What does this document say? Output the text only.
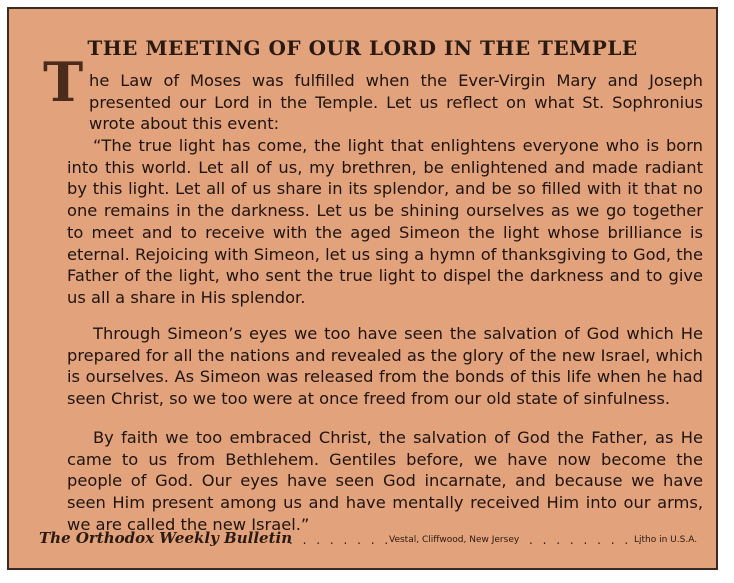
THE MEETING OF OUR LORD IN THE TEMPLE
T he Law of Moses was fulfilled when the Ever-Virgin Mary and Joseph presented our Lord in the Temple. Let us reflect on what St. Sophronius wrote about this event:
“The true light has come, the light that enlightens everyone who is born into this world. Let all of us, my brethren, be enlightened and made radiant by this light. Let all of us share in its splendor, and be so filled with it that no one remains in the darkness. Let us be shining ourselves as we go together to meet and to receive with the aged Simeon the light whose brilliance is eternal. Rejoicing with Simeon, let us sing a hymn of thanksgiving to God, the Father of the light, who sent the true light to dispel the darkness and to give us all a share in His splendor.
Through Simeon’s eyes we too have seen the salvation of God which He prepared for all the nations and revealed as the glory of the new Israel, which is ourselves. As Simeon was released from the bonds of this life when he had seen Christ, so we too were at once freed from our old state of sinfulness.
By faith we too embraced Christ, the salvation of God the Father, as He came to us from Bethlehem. Gentiles before, we have now become the people of God. Our eyes have seen God incarnate, and because we have seen Him present among us and have mentally received Him into our arms, we are called the new Israel.”
The Orthodox Weekly Bulletin
. . . . . . . .
Vestal, Cliffwood, New Jersey . . . . . . . . .
Litho in U.S.A.
